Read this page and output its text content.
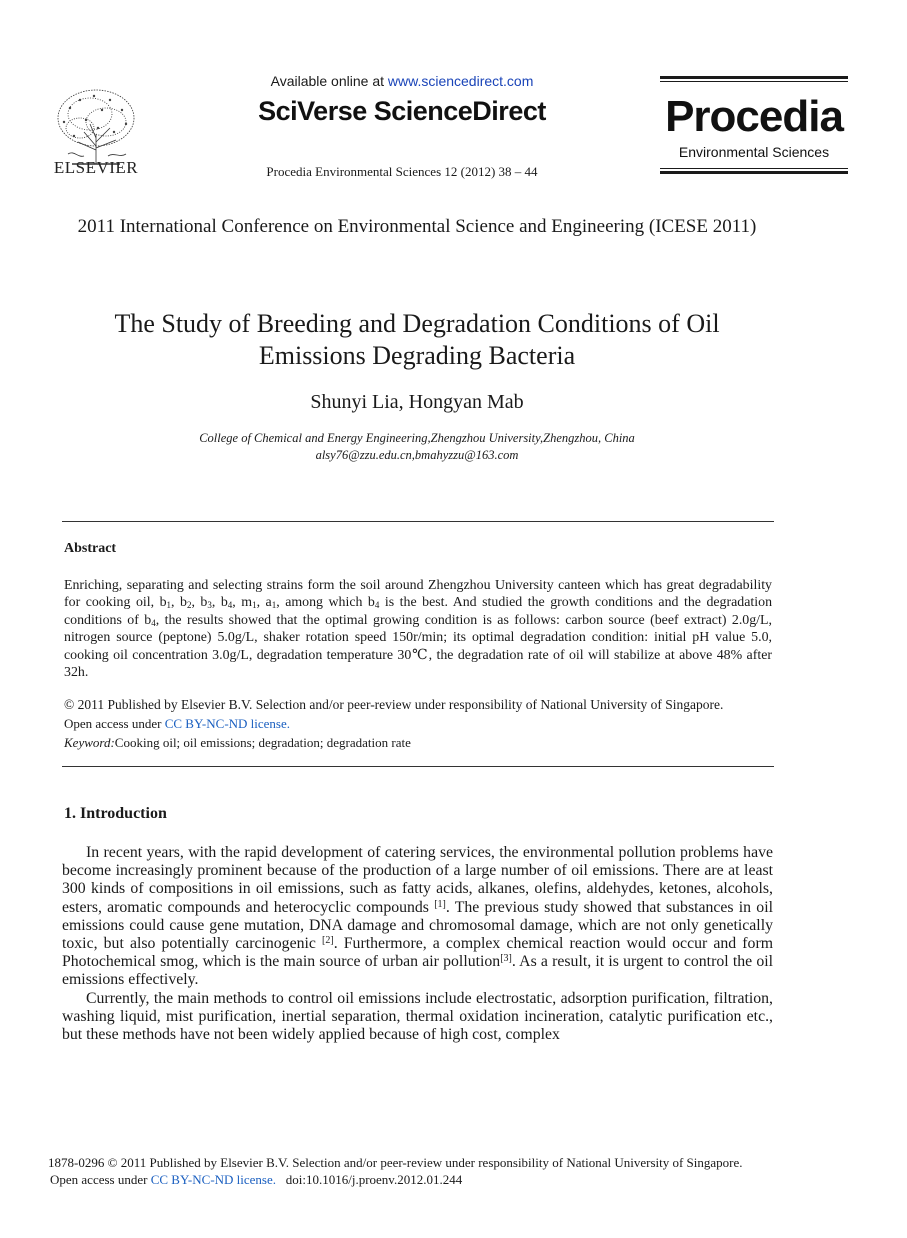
ELSEVIER
Available online at www.sciencedirect.com
SciVerse ScienceDirect
Procedia Environmental Sciences 12 (2012) 38 – 44
Procedia
Environmental Sciences
2011 International Conference on Environmental Science and Engineering (ICESE 2011)
The Study of Breeding and Degradation Conditions of Oil Emissions Degrading Bacteria
Shunyi Lia, Hongyan Mab
College of Chemical and Energy Engineering,Zhengzhou University,Zhengzhou, China
alsy76@zzu.edu.cn,bmahyzzu@163.com
Abstract
Enriching, separating and selecting strains form the soil around Zhengzhou University canteen which has great degradability for cooking oil, $b_1$, $b_2$, $b_3$, $b_4$, $m_1$, $a_1$, among which $b_4$ is the best. And studied the growth conditions and the degradation conditions of $b_4$, the results showed that the optimal growing condition is as follows: carbon source (beef extract) 2.0g/L, nitrogen source (peptone) 5.0g/L, shaker rotation speed 150r/min; its optimal degradation condition: initial pH value 5.0, cooking oil concentration 3.0g/L, degradation temperature 30℃, the degradation rate of oil will stabilize at above 48% after 32h.
© 2011 Published by Elsevier B.V. Selection and/or peer-review under responsibility of National University of Singapore.
Open access under CC BY-NC-ND license.
Keyword:Cooking oil; oil emissions; degradation; degradation rate
1. Introduction

In recent years, with the rapid development of catering services, the environmental pollution problems have become increasingly prominent because of the production of a large number of oil emissions. There are at least 300 kinds of compositions in oil emissions, such as fatty acids, alkanes, olefins, aldehydes, ketones, alcohols, esters, aromatic compounds and heterocyclic compounds [1]. The previous study showed that substances in oil emissions could cause gene mutation, DNA damage and chromosomal damage, which are not only genetically toxic, but also potentially carcinogenic [2]. Furthermore, a complex chemical reaction would occur and form Photochemical smog, which is the main source of urban air pollution[3]. As a result, it is urgent to control the oil emissions effectively.

Currently, the main methods to control oil emissions include electrostatic, adsorption purification, filtration, washing liquid, mist purification, inertial separation, thermal oxidation incineration, catalytic purification etc., but these methods have not been widely applied because of high cost, complex

1878-0296 © 2011 Published by Elsevier B.V. Selection and/or peer-review under responsibility of National University of Singapore.
Open access under CC BY-NC-ND license. doi:10.1016/j.proenv.2012.01.244
